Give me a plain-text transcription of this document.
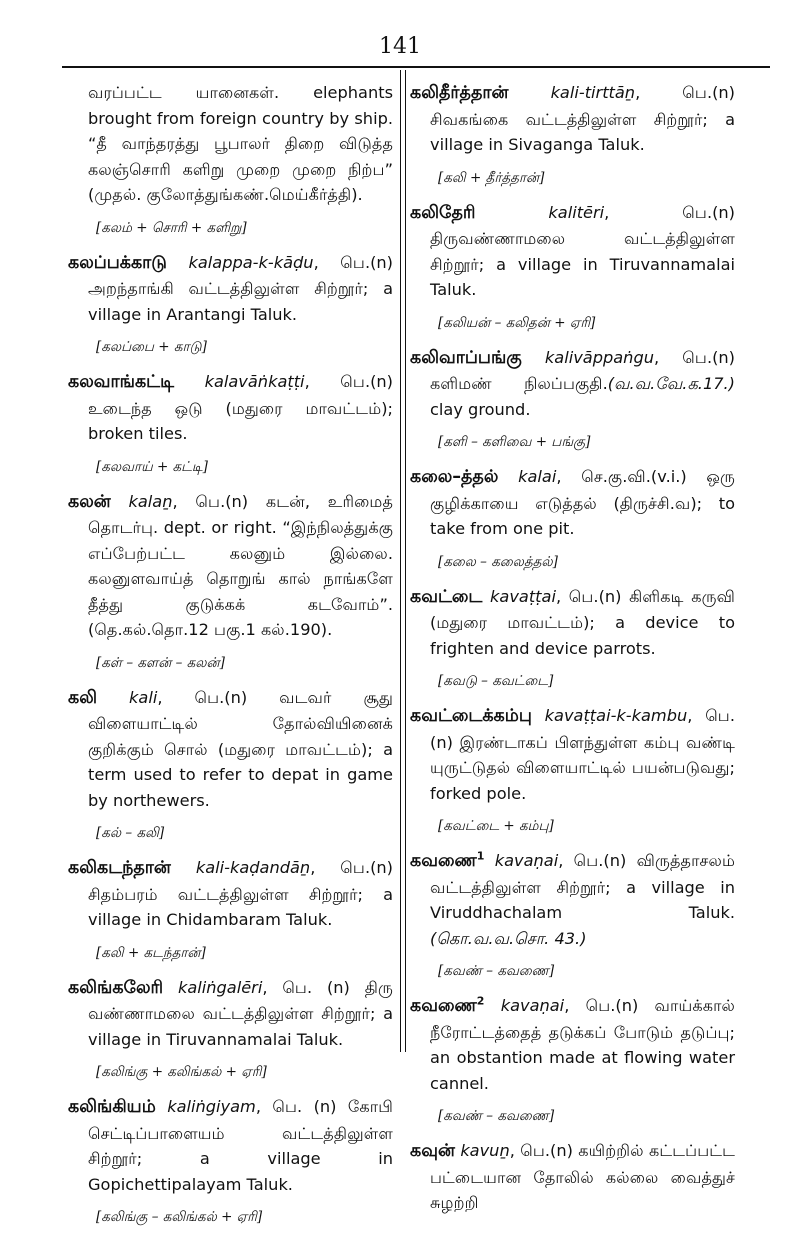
141
வரப்பட்ட யானைகள். elephants brought from foreign country by ship. “தீ வாந்தரத்து பூபாலர் திறை விடுத்த கலஞ்சொரி களிறு முறை முறை நிற்ப” (முதல். குலோத்துங்கண்.மெய்கீர்த்தி).
[கலம் + சொரி + களிறு]
கலப்பக்காடு kalappa-k-kāḍu, பெ.(n) அறந்தாங்கி வட்டத்திலுள்ள சிற்றூர்; a village in Arantangi Taluk.
[கலப்பை + காடு]
கலவாங்கட்டி kalavāṅkaṭṭi, பெ.(n) உடைந்த ஒடு (மதுரை மாவட்டம்); broken tiles.
[கலவாய் + கட்டி]
கலன் kalaṉ, பெ.(n) கடன், உரிமைத் தொடர்பு. dept. or right. “இந்நிலத்துக்கு எப்பேற்பட்ட கலனும் இல்லை. கலனுளவாய்த் தொறுங் கால் நாங்களே தீத்து குடுக்கக் கடவோம்”. (தெ.கல்.தொ.12 பகு.1 கல்.190).
[கள் – களன் – கலன்]
கலி kali, பெ.(n) வடவர் சூது விளையாட்டில் தோல்வியினைக் குறிக்கும் சொல் (மதுரை மாவட்டம்); a term used to refer to depat in game by northewers.
[கல் – கலி]
கலிகடந்தான் kali-kaḍandāṉ, பெ.(n) சிதம்பரம் வட்டத்திலுள்ள சிற்றூர்; a village in Chidambaram Taluk.
[கலி + கடந்தான்]
கலிங்கலேரி kaliṅgalēri, பெ. (n) திரு வண்ணாமலை வட்டத்திலுள்ள சிற்றூர்; a village in Tiruvannamalai Taluk.
[கலிங்கு + கலிங்கல் + ஏரி]
கலிங்கியம் kaliṅgiyam, பெ. (n) கோபி செட்டிப்பாளையம் வட்டத்திலுள்ள சிற்றூர்; a village in Gopichettipalayam Taluk.
[கலிங்கு – கலிங்கல் + ஏரி]
கலிதீர்த்தான்	kali-tirttāṉ, பெ.(n) சிவகங்கை வட்டத்திலுள்ள சிற்றூர்; a village in Sivaganga Taluk.
[கலி + தீர்த்தான்]
கலிதேரி	kalitēri, பெ.(n) திருவண்ணாமலை வட்டத்திலுள்ள சிற்றூர்; a village in Tiruvannamalai Taluk.
[கலியன் – கலிதன் + ஏரி]
கலிவாப்பங்கு kalivāppaṅgu, பெ.(n) களிமண் நிலப்பகுதி.(வ.வ.வே.க.17.) clay ground.
[களி – களிவை + பங்கு]
கலை–த்தல் kalai, செ.கு.வி.(v.i.) ஒரு குழிக்காயை எடுத்தல் (திருச்சி.வ); to take from one pit.
[கலை – கலைத்தல்]
கவட்டை kavaṭṭai, பெ.(n) கிளிகடி கருவி (மதுரை மாவட்டம்); a device to frighten and device parrots.
[கவடு – கவட்டை]
கவட்டைக்கம்பு kavaṭṭai-k-kambu, பெ. (n) இரண்டாகப் பிளந்துள்ள கம்பு வண்டி யுருட்டுதல் விளையாட்டில் பயன்படுவது; forked pole.
[கவட்டை + கம்பு]
கவணை$^1$ kavaṇai, பெ.(n) விருத்தாசலம் வட்டத்திலுள்ள சிற்றூர்; a village in Viruddhachalam Taluk. (கொ.வ.வ.சொ. 43.)
[கவண் – கவணை]
கவணை$^2$ kavaṇai, பெ.(n) வாய்க்கால் நீரோட்டத்தைத் தடுக்கப் போடும் தடுப்பு; an obstantion made at flowing water cannel.
[கவண் – கவணை]
கவுன் kavuṉ, பெ.(n) கயிற்றில் கட்டப்பட்ட பட்டையான தோலில் கல்லை வைத்துச் சுழற்றி
